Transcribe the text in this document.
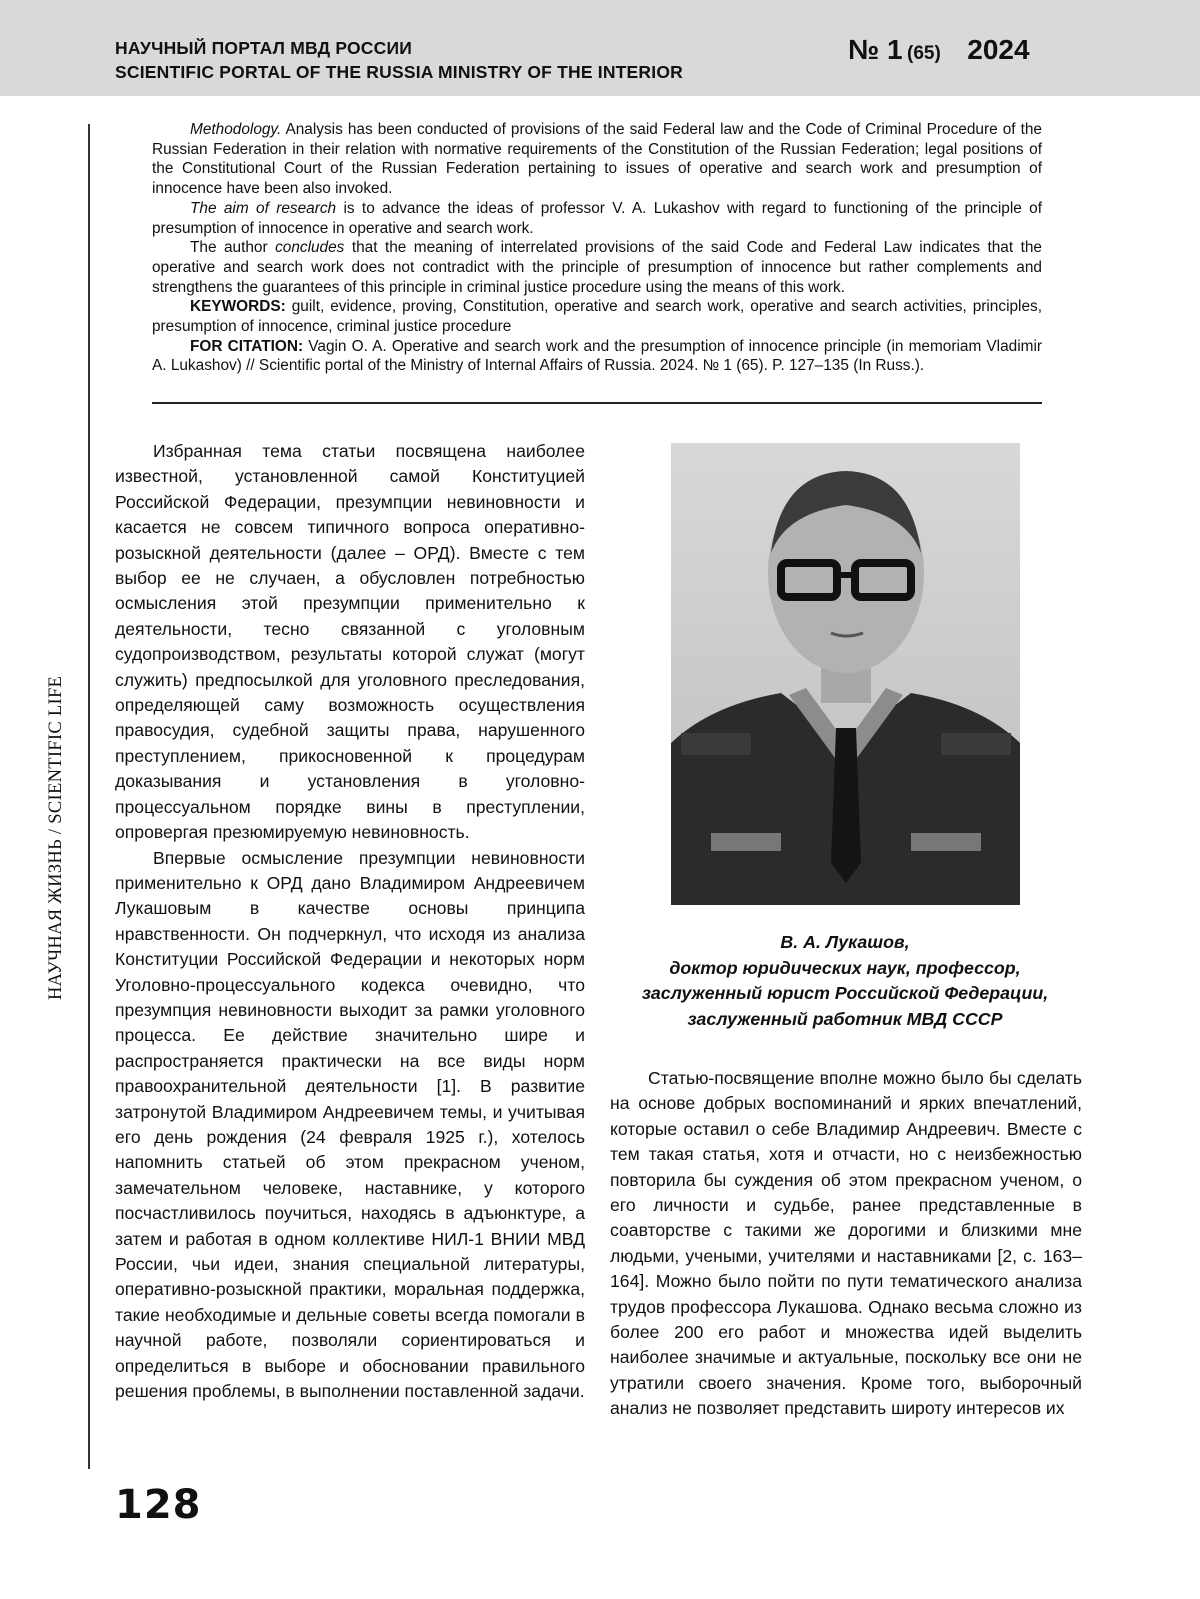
НАУЧНЫЙ ПОРТАЛ МВД РОССИИ
SCIENTIFIC PORTAL OF THE RUSSIA MINISTRY OF THE INTERIOR
№ 1 (65) 2024
НАУЧНАЯ ЖИЗНЬ / SCIENTIFIC LIFE

Methodology. Analysis has been conducted of provisions of the said Federal law and the Code of Criminal Procedure of the Russian Federation in their relation with normative requirements of the Constitution of the Russian Federation; legal positions of the Constitutional Court of the Russian Federation pertaining to issues of operative and search work and presumption of innocence have been also invoked.

The aim of research is to advance the ideas of professor V. A. Lukashov with regard to functioning of the principle of presumption of innocence in operative and search work.

The author concludes that the meaning of interrelated provisions of the said Code and Federal Law indicates that the operative and search work does not contradict with the principle of presumption of innocence but rather complements and strengthens the guarantees of this principle in criminal justice procedure using the means of this work.

KEYWORDS: guilt, evidence, proving, Constitution, operative and search work, operative and search activities, principles, presumption of innocence, criminal justice procedure

FOR CITATION: Vagin O. A. Operative and search work and the presumption of innocence principle (in memoriam Vladimir A. Lukashov) // Scientific portal of the Ministry of Internal Affairs of Russia. 2024. № 1 (65). P. 127–135 (In Russ.).

Избранная тема статьи посвящена наиболее известной, установленной самой Конституцией Российской Федерации, презумпции невиновности и касается не совсем типичного вопроса оперативно-розыскной деятельности (далее – ОРД). Вместе с тем выбор ее не случаен, а обусловлен потребностью осмысления этой презумпции применительно к деятельности, тесно связанной с уголовным судопроизводством, результаты которой служат (могут служить) предпосылкой для уголовного преследования, определяющей саму возможность осуществления правосудия, судебной защиты права, нарушенного преступлением, прикосновенной к процедурам доказывания и установления в уголовно-процессуальном порядке вины в преступлении, опровергая презюмируемую невиновность.

Впервые осмысление презумпции невиновности применительно к ОРД дано Владимиром Андреевичем Лукашовым в качестве основы принципа нравственности. Он подчеркнул, что исходя из анализа Конституции Российской Федерации и некоторых норм Уголовно-процессуального кодекса очевидно, что презумпция невиновности выходит за рамки уголовного процесса. Ее действие значительно шире и распространяется практически на все виды норм правоохранительной деятельности [1]. В развитие затронутой Владимиром Андреевичем темы, и учитывая его день рождения (24 февраля 1925 г.), хотелось напомнить статьей об этом прекрасном ученом, замечательном человеке, наставнике, у которого посчастливилось поучиться, находясь в адъюнктуре, а затем и работая в одном коллективе НИЛ-1 ВНИИ МВД России, чьи идеи, знания специальной литературы, оперативно-розыскной практики, моральная поддержка, такие необходимые и дельные советы всегда помогали в научной работе, позволяли сориентироваться и определиться в выборе и обосновании правильного решения проблемы, в выполнении поставленной задачи.

В. А. Лукашов,
доктор юридических наук, профессор,
заслуженный юрист Российской Федерации,
заслуженный работник МВД СССР

Статью-посвящение вполне можно было бы сделать на основе добрых воспоминаний и ярких впечатлений, которые оставил о себе Владимир Андреевич. Вместе с тем такая статья, хотя и отчасти, но с неизбежностью повторила бы суждения об этом прекрасном ученом, о его личности и судьбе, ранее представленные в соавторстве с такими же дорогими и близкими мне людьми, учеными, учителями и наставниками [2, с. 163–164]. Можно было пойти по пути тематического анализа трудов профессора Лукашова. Однако весьма сложно из более 200 его работ и множества идей выделить наиболее значимые и актуальные, поскольку все они не утратили своего значения. Кроме того, выборочный анализ не позволяет представить широту интересов их

128
